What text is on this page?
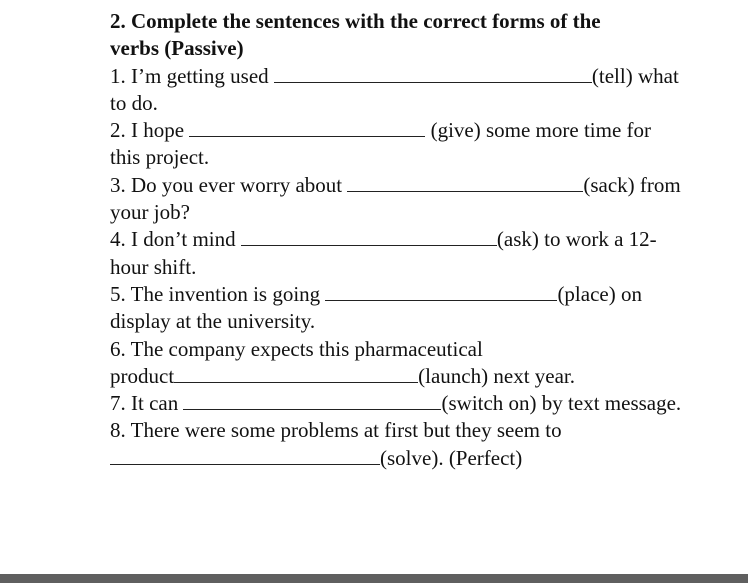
2. Complete the sentences with the correct forms of the
verbs (Passive)
1. I’m getting used	(tell) what
to do.
2. I hope	(give) some more time for
this project.
3. Do you ever worry about	(sack) from
your job?
4. I don’t mind	(ask) to work a 12-
hour shift.
5. The invention is going	(place) on
display at the university.
6. The company expects this pharmaceutical
product	(launch) next year.
7. It can	(switch on) by text message.
8. There were some problems at first but they seem to
(solve). (Perfect)
